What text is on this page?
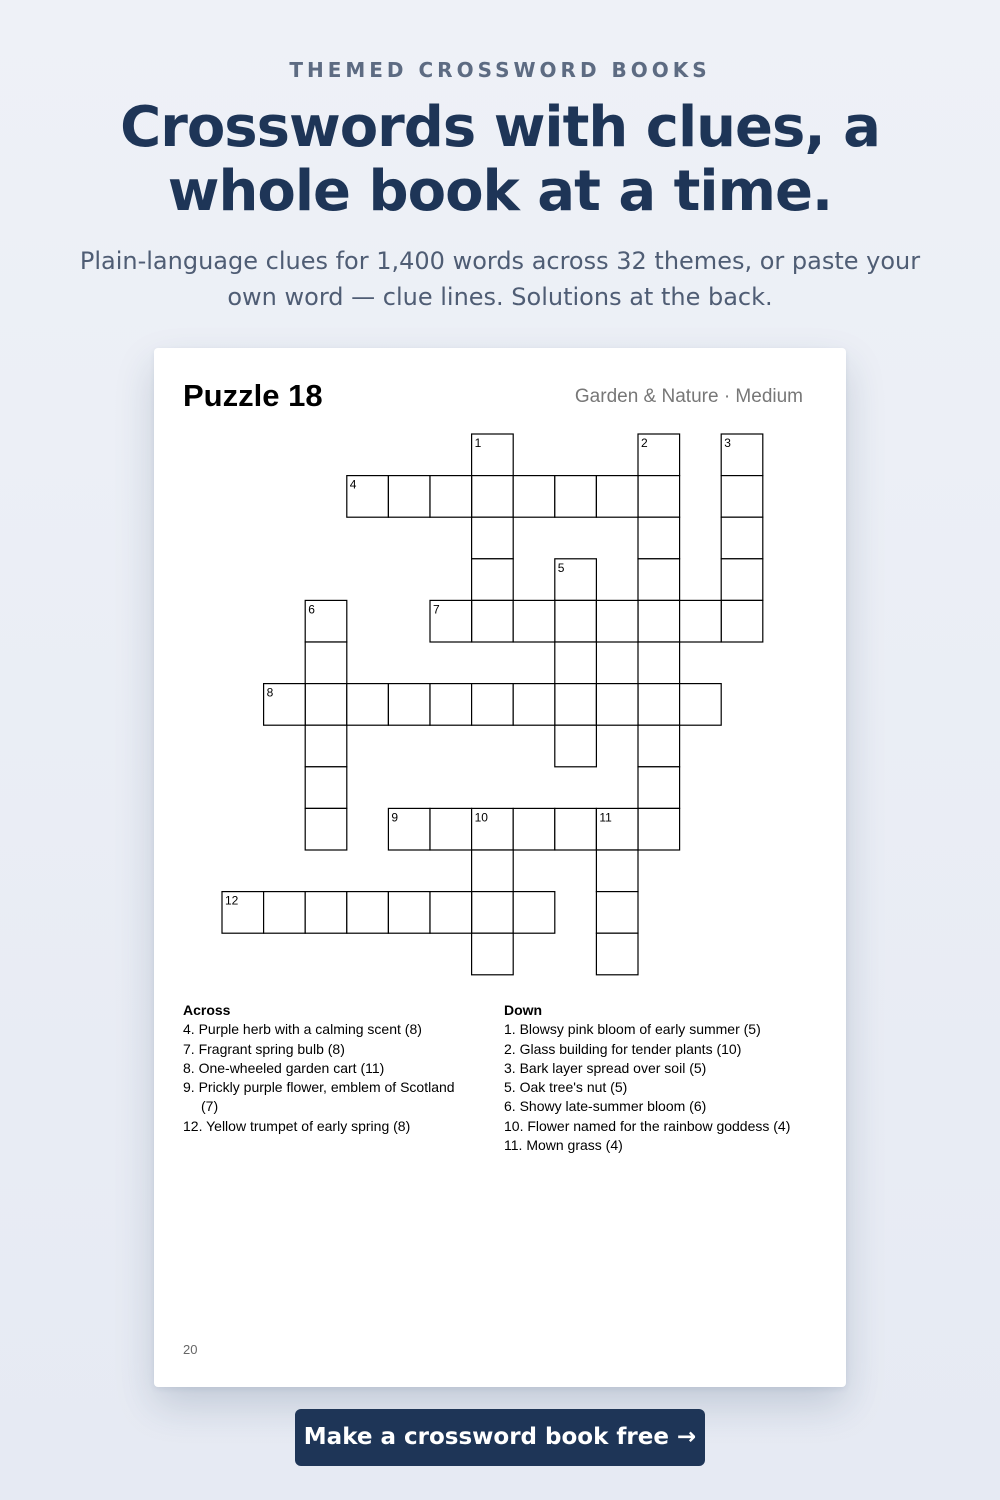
THEMED CROSSWORD BOOKS
Crosswords with clues, a
whole book at a time.
Plain-language clues for 1,400 words across 32 themes, or paste your
own word — clue lines. Solutions at the back.
Puzzle 18	Garden & Nature · Medium
1	2	3
4
5
6	7
8
9	10	11
12
Across
4. Purple herb with a calming scent (8)
7. Fragrant spring bulb (8)
8. One-wheeled garden cart (11)
9. Prickly purple flower, emblem of Scotland (7)
12. Yellow trumpet of early spring (8)
Down
1. Blowsy pink bloom of early summer (5)
2. Glass building for tender plants (10)
3. Bark layer spread over soil (5)
5. Oak tree's nut (5)
6. Showy late-summer bloom (6)
10. Flower named for the rainbow goddess (4)
11. Mown grass (4)
20
Make a crossword book free →
